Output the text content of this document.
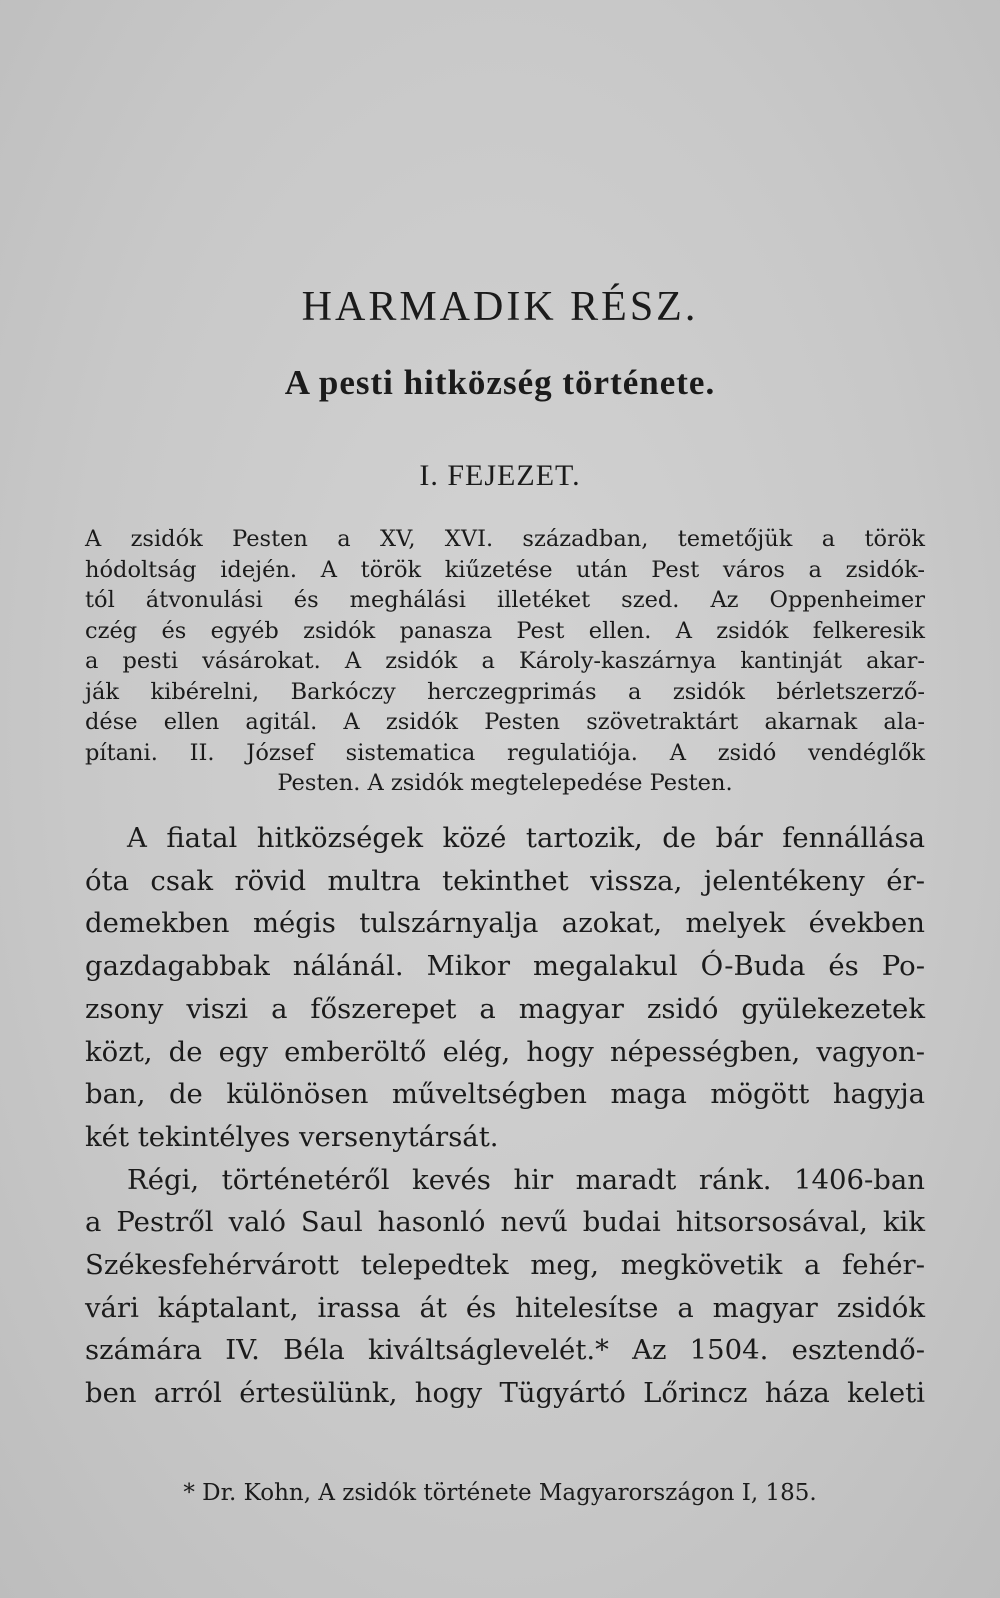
HARMADIK RÉSZ.
A pesti hitközség története.
I. FEJEZET.
A zsidók Pesten a XV, XVI. században, temetőjük a török
hódoltság idején. A török kiűzetése után Pest város a zsidók-
tól átvonulási és meghálási illetéket szed. Az Oppenheimer
czég és egyéb zsidók panasza Pest ellen. A zsidók felkeresik
a pesti vásárokat. A zsidók a Károly-kaszárnya kantinját akar-
ják kibérelni, Barkóczy herczegprimás a zsidók bérletszerző-
dése ellen agitál. A zsidók Pesten szövetraktárt akarnak ala-
pítani. II. József sistematica regulatiója. A zsidó vendéglők
Pesten. A zsidók megtelepedése Pesten.
A fiatal hitközségek közé tartozik, de bár fennállása
óta csak rövid multra tekinthet vissza, jelentékeny ér-
demekben mégis tulszárnyalja azokat, melyek években
gazdagabbak nálánál. Mikor megalakul Ó-Buda és Po-
zsony viszi a főszerepet a magyar zsidó gyülekezetek
közt, de egy emberöltő elég, hogy népességben, vagyon-
ban, de különösen műveltségben maga mögött hagyja
két tekintélyes versenytársát.
Régi, történetéről kevés hir maradt ránk. 1406-ban
a Pestről való Saul hasonló nevű budai hitsorsosával, kik
Székesfehérvárott telepedtek meg, megkövetik a fehér-
vári káptalant, irassa át és hitelesítse a magyar zsidók
számára IV. Béla kiváltságlevelét.* Az 1504. esztendő-
ben arról értesülünk, hogy Tügyártó Lőrincz háza keleti
* Dr. Kohn, A zsidók története Magyarországon I, 185.
